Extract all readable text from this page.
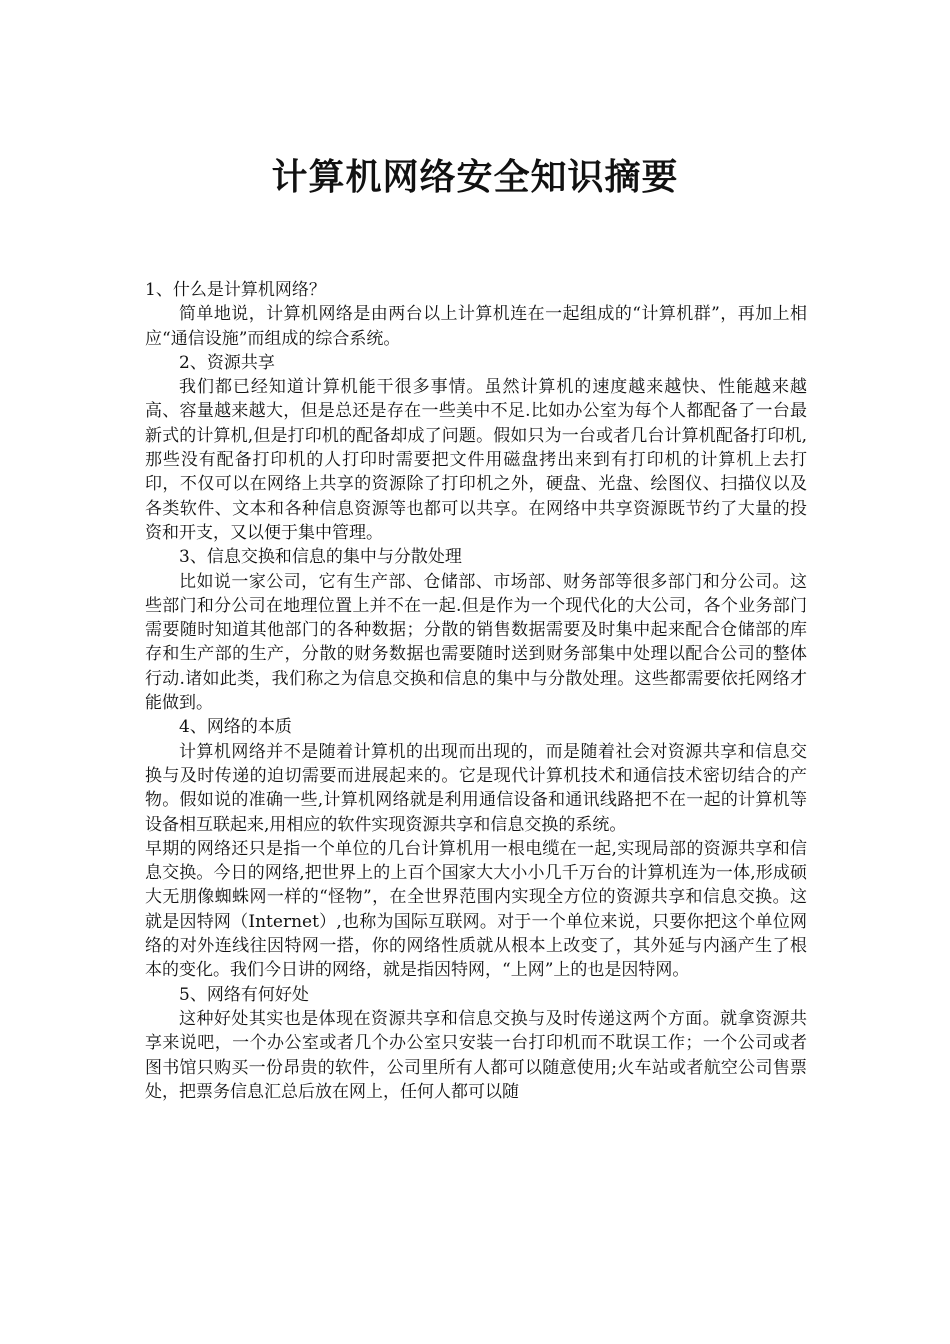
计算机网络安全知识摘要

1、什么是计算机网络？

简单地说，计算机网络是由两台以上计算机连在一起组成的“计算机群”，再加上相应“通信设施”而组成的综合系统。

2、资源共享

我们都已经知道计算机能干很多事情。虽然计算机的速度越来越快、性能越来越高、容量越来越大，但是总还是存在一些美中不足.比如办公室为每个人都配备了一台最新式的计算机,但是打印机的配备却成了问题。假如只为一台或者几台计算机配备打印机,那些没有配备打印机的人打印时需要把文件用磁盘拷出来到有打印机的计算机上去打印，不仅可以在网络上共享的资源除了打印机之外，硬盘、光盘、绘图仪、扫描仪以及各类软件、文本和各种信息资源等也都可以共享。在网络中共享资源既节约了大量的投资和开支，又以便于集中管理。

3、信息交换和信息的集中与分散处理

比如说一家公司，它有生产部、仓储部、市场部、财务部等很多部门和分公司。这些部门和分公司在地理位置上并不在一起.但是作为一个现代化的大公司，各个业务部门需要随时知道其他部门的各种数据；分散的销售数据需要及时集中起来配合仓储部的库存和生产部的生产，分散的财务数据也需要随时送到财务部集中处理以配合公司的整体行动.诸如此类，我们称之为信息交换和信息的集中与分散处理。这些都需要依托网络才能做到。

4、网络的本质

计算机网络并不是随着计算机的出现而出现的，而是随着社会对资源共享和信息交换与及时传递的迫切需要而进展起来的。它是现代计算机技术和通信技术密切结合的产物。假如说的准确一些,计算机网络就是利用通信设备和通讯线路把不在一起的计算机等设备相互联起来,用相应的软件实现资源共享和信息交换的系统。

早期的网络还只是指一个单位的几台计算机用一根电缆在一起,实现局部的资源共享和信息交换。今日的网络,把世界上的上百个国家大大小小几千万台的计算机连为一体,形成硕大无朋像蜘蛛网一样的“怪物”，在全世界范围内实现全方位的资源共享和信息交换。这就是因特网（Internet）,也称为国际互联网。对于一个单位来说，只要你把这个单位网络的对外连线往因特网一搭，你的网络性质就从根本上改变了，其外延与内涵产生了根本的变化。我们今日讲的网络，就是指因特网，“上网”上的也是因特网。

5、网络有何好处

这种好处其实也是体现在资源共享和信息交换与及时传递这两个方面。就拿资源共享来说吧，一个办公室或者几个办公室只安装一台打印机而不耽误工作；一个公司或者图书馆只购买一份昂贵的软件，公司里所有人都可以随意使用;火车站或者航空公司售票处，把票务信息汇总后放在网上，任何人都可以随
